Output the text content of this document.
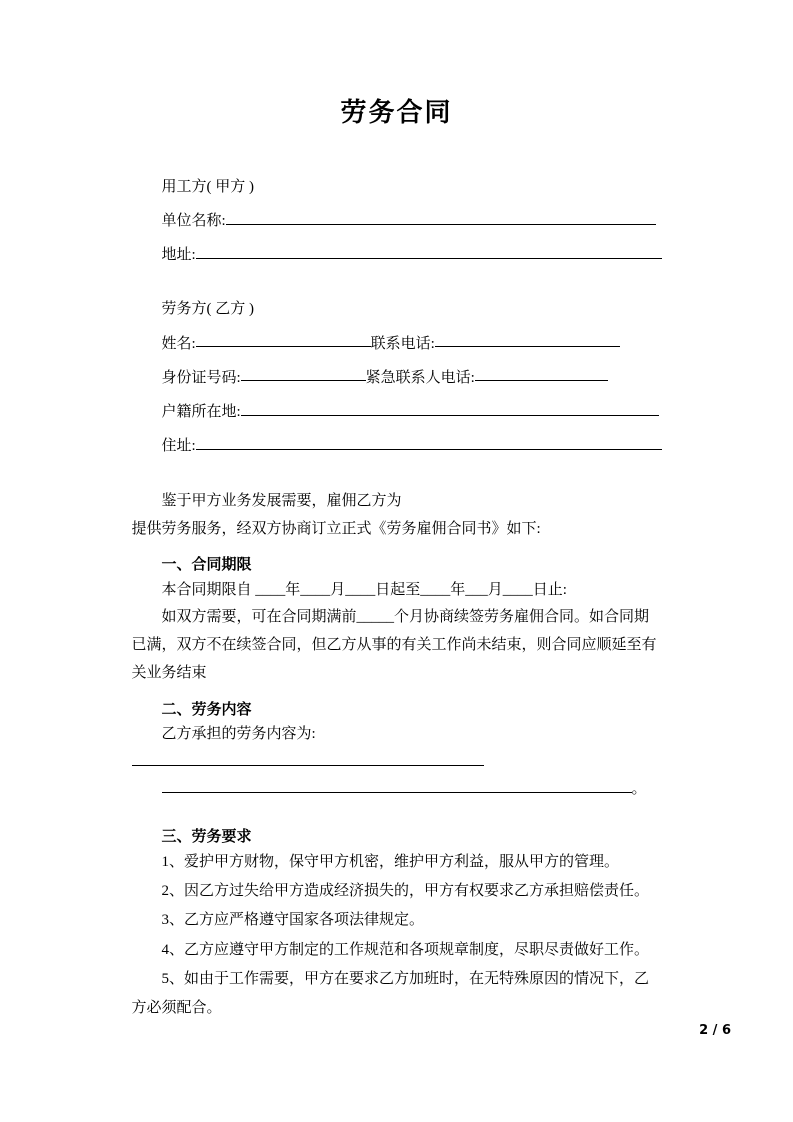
劳务合同
用工方( 甲方 )
单位名称:
地址:
劳务方( 乙方 )
姓名:	联系电话:
身份证号码:	紧急联系人电话:
户籍所在地:
住址:

鉴于甲方业务发展需要，雇佣乙方为

提供劳务服务，经双方协商订立正式《劳务雇佣合同书》如下:

一、合同期限

本合同期限自 ____年____月____日起至____年___月____日止:

如双方需要，可在合同期满前_____个月协商续签劳务雇佣合同。如合同期已满，双方不在续签合同，但乙方从事的有关工作尚未结束，则合同应顺延至有关业务结束

二、劳务内容

乙方承担的劳务内容为:

。
三、劳务要求

1、爱护甲方财物，保守甲方机密，维护甲方利益，服从甲方的管理。

2、因乙方过失给甲方造成经济损失的，甲方有权要求乙方承担赔偿责任。

3、乙方应严格遵守国家各项法律规定。

4、乙方应遵守甲方制定的工作规范和各项规章制度，尽职尽责做好工作。

5、如由于工作需要，甲方在要求乙方加班时，在无特殊原因的情况下，乙方必须配合。

2 / 6
